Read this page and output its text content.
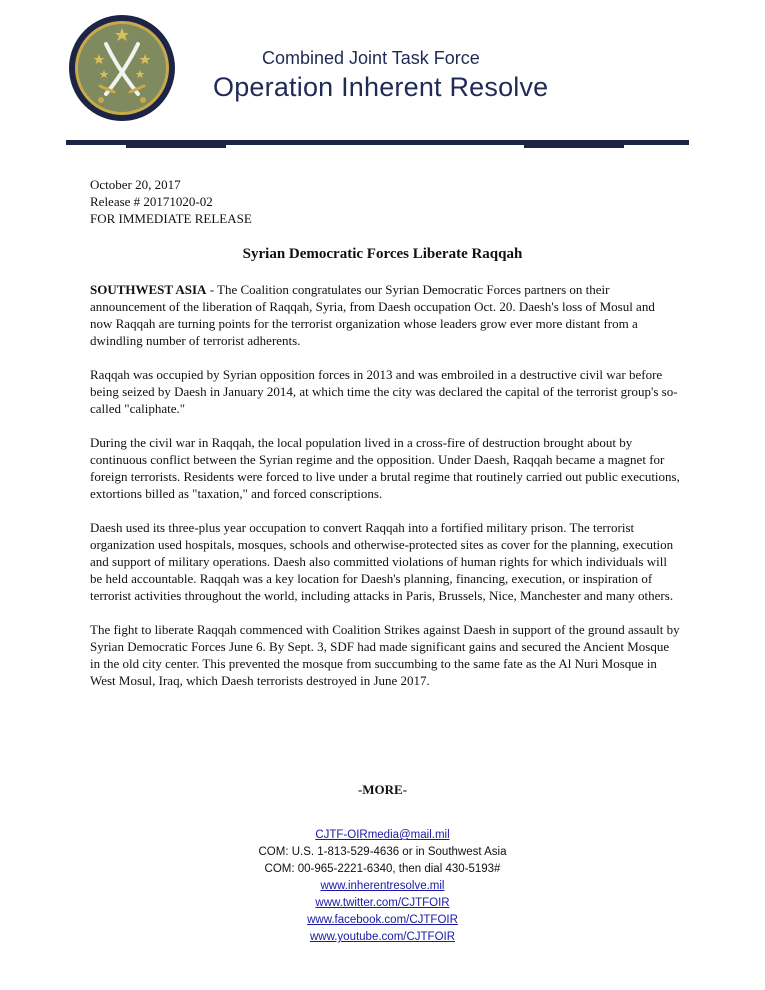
Combined Joint Task Force
Operation Inherent Resolve
October 20, 2017
Release # 20171020-02
FOR IMMEDIATE RELEASE
Syrian Democratic Forces Liberate Raqqah

SOUTHWEST ASIA - The Coalition congratulates our Syrian Democratic Forces partners on their announcement of the liberation of Raqqah, Syria, from Daesh occupation Oct. 20. Daesh's loss of Mosul and now Raqqah are turning points for the terrorist organization whose leaders grow ever more distant from a dwindling number of terrorist adherents.

Raqqah was occupied by Syrian opposition forces in 2013 and was embroiled in a destructive civil war before being seized by Daesh in January 2014, at which time the city was declared the capital of the terrorist group's so-called "caliphate."

During the civil war in Raqqah, the local population lived in a cross-fire of destruction brought about by continuous conflict between the Syrian regime and the opposition. Under Daesh, Raqqah became a magnet for foreign terrorists. Residents were forced to live under a brutal regime that routinely carried out public executions, extortions billed as "taxation," and forced conscriptions.

Daesh used its three-plus year occupation to convert Raqqah into a fortified military prison. The terrorist organization used hospitals, mosques, schools and otherwise-protected sites as cover for the planning, execution and support of military operations. Daesh also committed violations of human rights for which individuals will be held accountable. Raqqah was a key location for Daesh's planning, financing, execution, or inspiration of terrorist activities throughout the world, including attacks in Paris, Brussels, Nice, Manchester and many others.

The fight to liberate Raqqah commenced with Coalition Strikes against Daesh in support of the ground assault by Syrian Democratic Forces June 6. By Sept. 3, SDF had made significant gains and secured the Ancient Mosque in the old city center. This prevented the mosque from succumbing to the same fate as the Al Nuri Mosque in West Mosul, Iraq, which Daesh terrorists destroyed in June 2017.

-MORE-
CJTF-OIRmedia@mail.mil
COM: U.S. 1-813-529-4636 or in Southwest Asia
COM: 00-965-2221-6340, then dial 430-5193#
www.inherentresolve.mil
www.twitter.com/CJTFOIR
www.facebook.com/CJTFOIR
www.youtube.com/CJTFOIR
